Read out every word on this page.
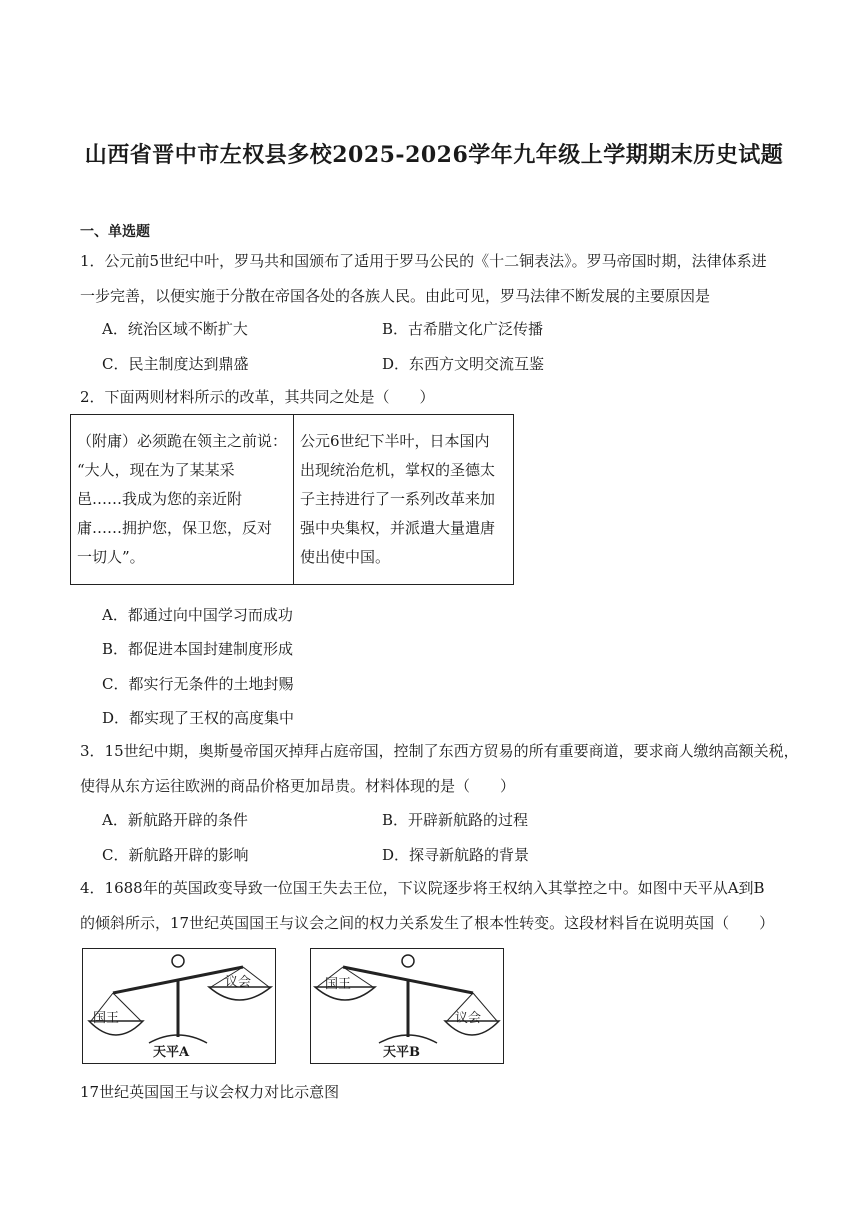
山西省晋中市左权县多校2025-2026学年九年级上学期期末历史试题
一、单选题
1．公元前5世纪中叶，罗马共和国颁布了适用于罗马公民的《十二铜表法》。罗马帝国时期，法律体系进
一步完善，以便实施于分散在帝国各处的各族人民。由此可见，罗马法律不断发展的主要原因是
A．统治区域不断扩大	B．古希腊文化广泛传播
C．民主制度达到鼎盛	D．东西方文明交流互鉴
2．下面两则材料所示的改革，其共同之处是（　　）
（附庸）必须跪在领主之前说：
“大人，现在为了某某采
邑……我成为您的亲近附
庸……拥护您，保卫您，反对
一切人”。

公元6世纪下半叶，日本国内
出现统治危机，掌权的圣德太
子主持进行了一系列改革来加
强中央集权，并派遣大量遣唐
使出使中国。
A．都通过向中国学习而成功
B．都促进本国封建制度形成
C．都实行无条件的土地封赐
D．都实现了王权的高度集中
3．15世纪中期，奥斯曼帝国灭掉拜占庭帝国，控制了东西方贸易的所有重要商道，要求商人缴纳高额关税，
使得从东方运往欧洲的商品价格更加昂贵。材料体现的是（　　）
A．新航路开辟的条件	B．开辟新航路的过程
C．新航路开辟的影响	D．探寻新航路的背景
4．1688年的英国政变导致一位国王失去王位，下议院逐步将王权纳入其掌控之中。如图中天平从A到B
的倾斜所示，17世纪英国国王与议会之间的权力关系发生了根本性转变。这段材料旨在说明英国（　　）
国王
议会
天平A
国王
议会
天平B
17世纪英国国王与议会权力对比示意图
